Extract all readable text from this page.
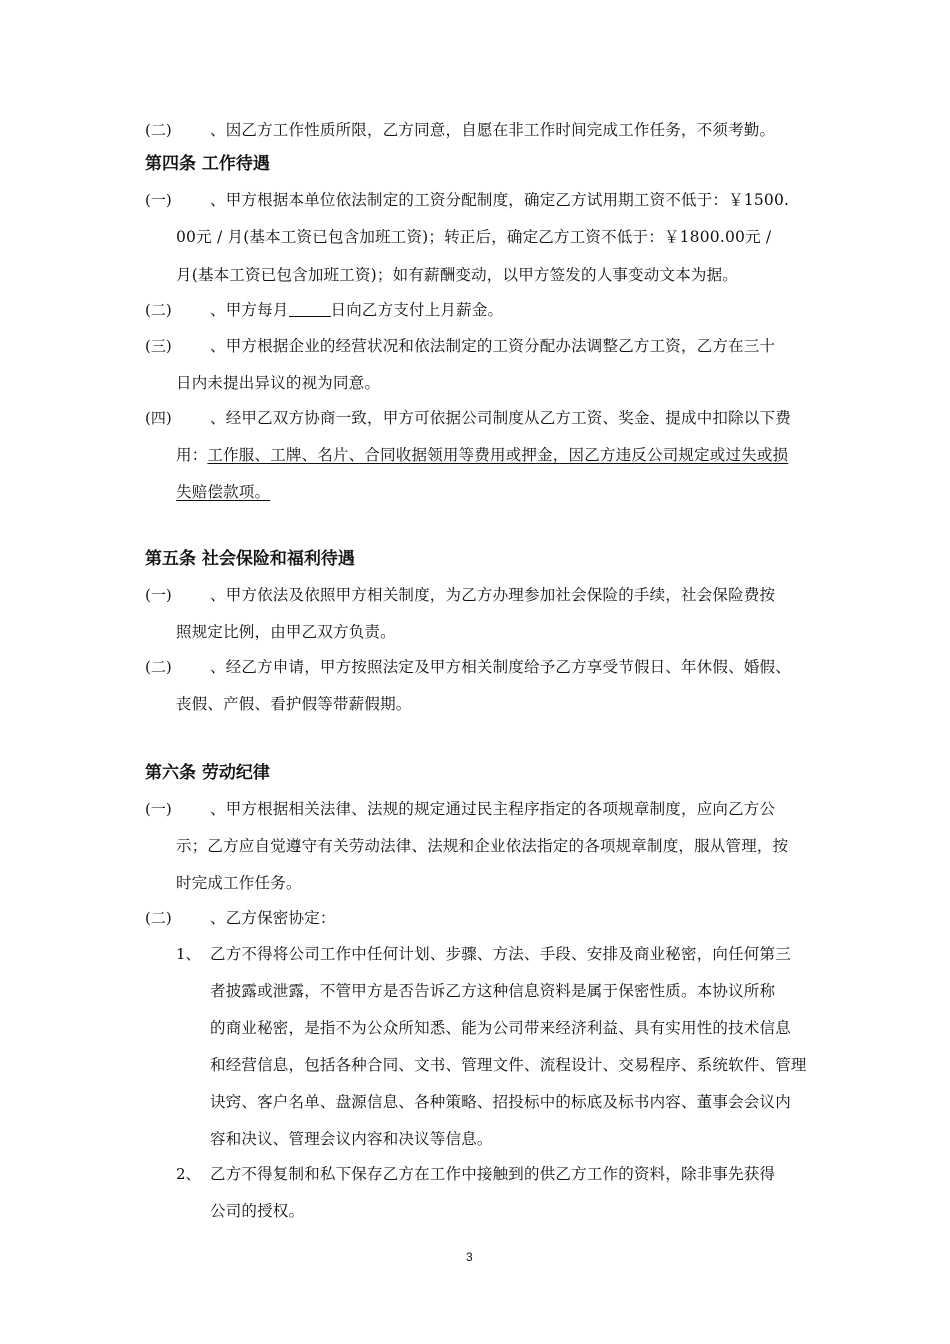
(二) 、因乙方工作性质所限，乙方同意，自愿在非工作时间完成工作任务，不须考勤。
第四条 工作待遇
(一) 、甲方根据本单位依法制定的工资分配制度，确定乙方试用期工资不低于：￥1500.
00元 / 月(基本工资已包含加班工资)；转正后，确定乙方工资不低于：￥1800.00元 /
月(基本工资已包含加班工资)；如有薪酬变动，以甲方签发的人事变动文本为据。
(二) 、甲方每月	日向乙方支付上月薪金。
(三) 、甲方根据企业的经营状况和依法制定的工资分配办法调整乙方工资，乙方在三十
日内未提出异议的视为同意。
(四) 、经甲乙双方协商一致，甲方可依据公司制度从乙方工资、奖金、提成中扣除以下费
用：工作服、工牌、名片、合同收据领用等费用或押金，因乙方违反公司规定或过失或损
失赔偿款项。
第五条 社会保险和福利待遇
(一) 、甲方依法及依照甲方相关制度，为乙方办理参加社会保险的手续，社会保险费按
照规定比例，由甲乙双方负责。
(二) 、经乙方申请，甲方按照法定及甲方相关制度给予乙方享受节假日、年休假、婚假、
丧假、产假、看护假等带薪假期。
第六条 劳动纪律
(一) 、甲方根据相关法律、法规的规定通过民主程序指定的各项规章制度，应向乙方公
示；乙方应自觉遵守有关劳动法律、法规和企业依法指定的各项规章制度，服从管理，按
时完成工作任务。
(二) 、乙方保密协定：
1、 乙方不得将公司工作中任何计划、步骤、方法、手段、安排及商业秘密，向任何第三
者披露或泄露，不管甲方是否告诉乙方这种信息资料是属于保密性质。本协议所称
的商业秘密，是指不为公众所知悉、能为公司带来经济利益、具有实用性的技术信息
和经营信息，包括各种合同、文书、管理文件、流程设计、交易程序、系统软件、管理
诀窍、客户名单、盘源信息、各种策略、招投标中的标底及标书内容、董事会会议内
容和决议、管理会议内容和决议等信息。
2、 乙方不得复制和私下保存乙方在工作中接触到的供乙方工作的资料，除非事先获得
公司的授权。
3
